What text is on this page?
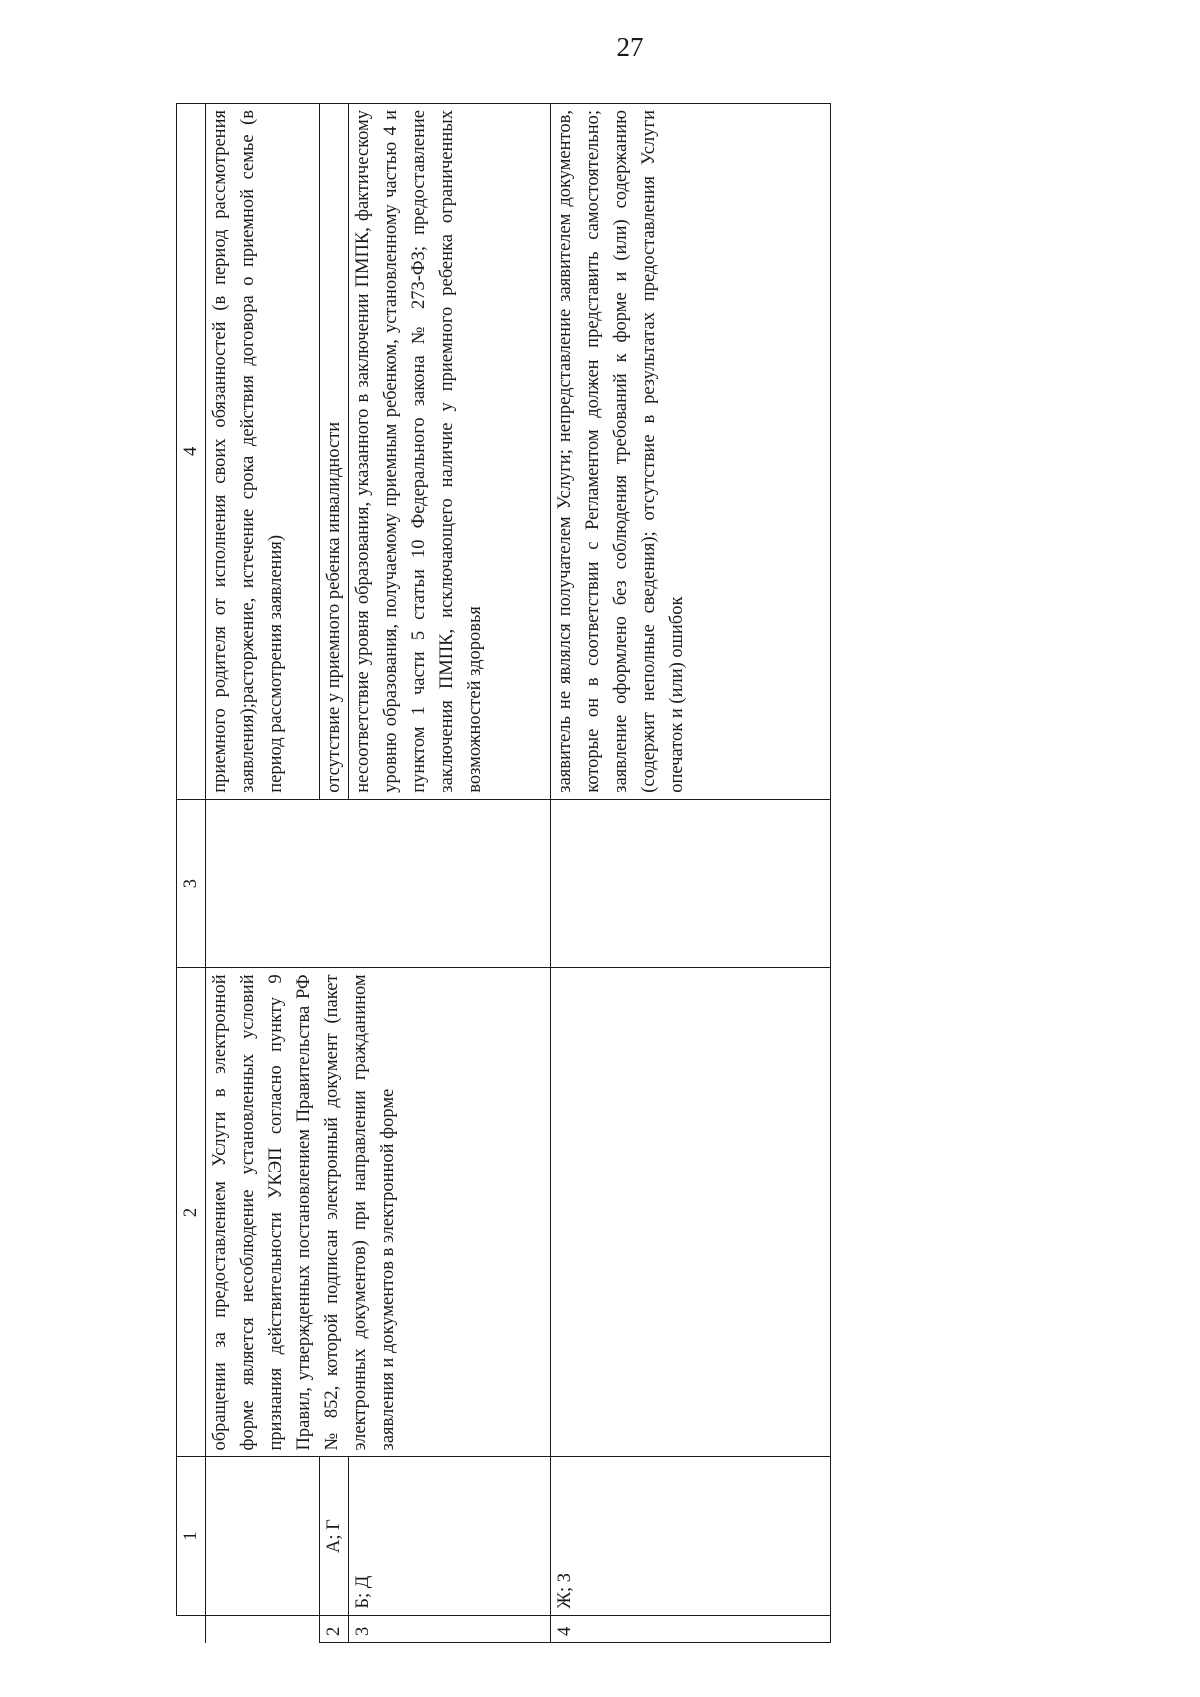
27
	1	2	3	4
		обращении за предоставлением Услуги в электронной форме является несоблюдение установленных условий признания действительности УКЭП согласно пункту 9 Правил, утвержденных постановлением Правительства РФ № 852, которой подписан электронный документ (пакет электронных документов) при направлении гражданином заявления и документов в электронной форме		приемного родителя от исполнения своих обязанностей (в период рассмотрения заявления);расторжение, истечение срока действия договора о приемной семье (в период рассмотрения заявления)
2	А; Г			отсутствие у приемного ребенка инвалидности
3	Б; Д			несоответствие уровня образования, указанного в заключении ПМПК, фактическому уровню образования, получаемому приемным ребенком, установленному частью 4 и пунктом 1 части 5 статьи 10 Федерального закона № 273-ФЗ; предоставление заключения ПМПК, исключающего наличие у приемного ребенка ограниченных возможностей здоровья
4	Ж; З			заявитель не являлся получателем Услуги; непредставление заявителем документов, которые он в соответствии с Регламентом должен представить самостоятельно; заявление оформлено без соблюдения требований к форме и (или) содержанию (содержит неполные сведения); отсутствие в результатах предоставления Услуги опечаток и (или) ошибок
